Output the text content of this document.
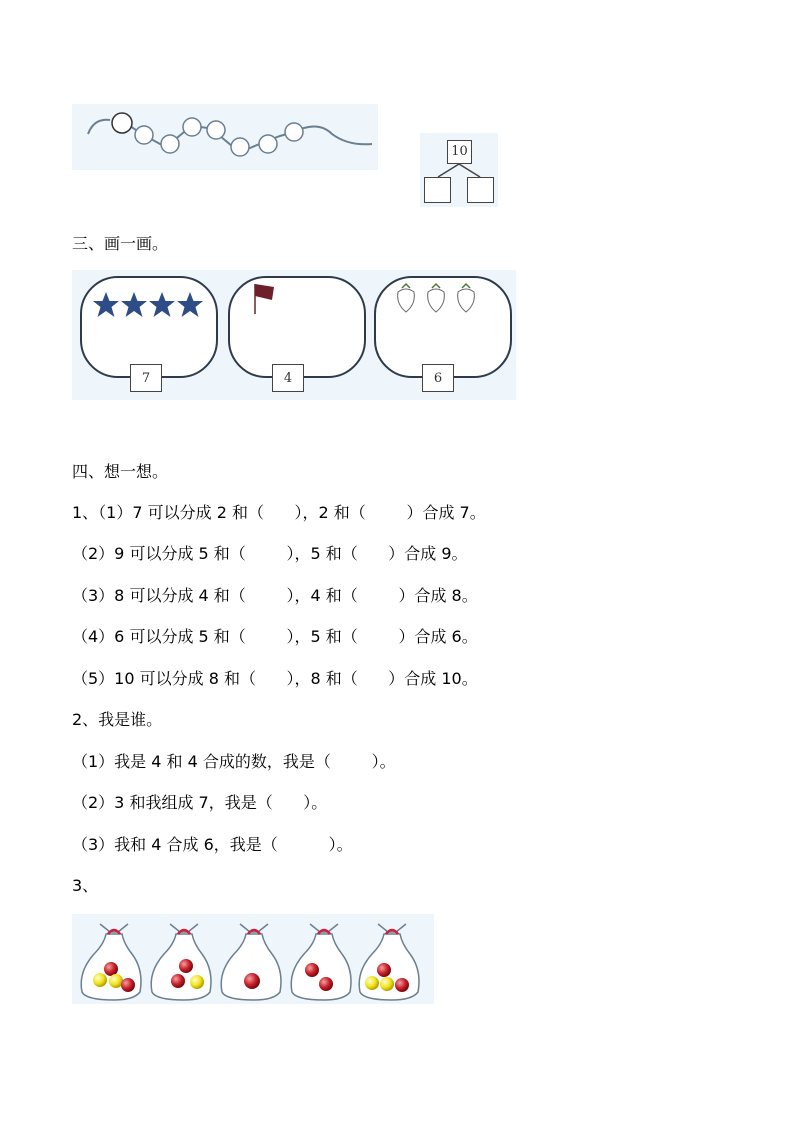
10
三、画一画。
7	4	6
四、想一想。
1、（1）7 可以分成 2 和（      ），2 和（        ）合成 7。
（2）9 可以分成 5 和（        ），5 和（      ）合成 9。
（3）8 可以分成 4 和（        ），4 和（        ）合成 8。
（4）6 可以分成 5 和（        ），5 和（        ）合成 6。
（5）10 可以分成 8 和（      ），8 和（      ）合成 10。
2、我是谁。
（1）我是 4 和 4 合成的数，我是（        ）。
（2）3 和我组成 7，我是（      ）。
（3）我和 4 合成 6，我是（          ）。
3、
